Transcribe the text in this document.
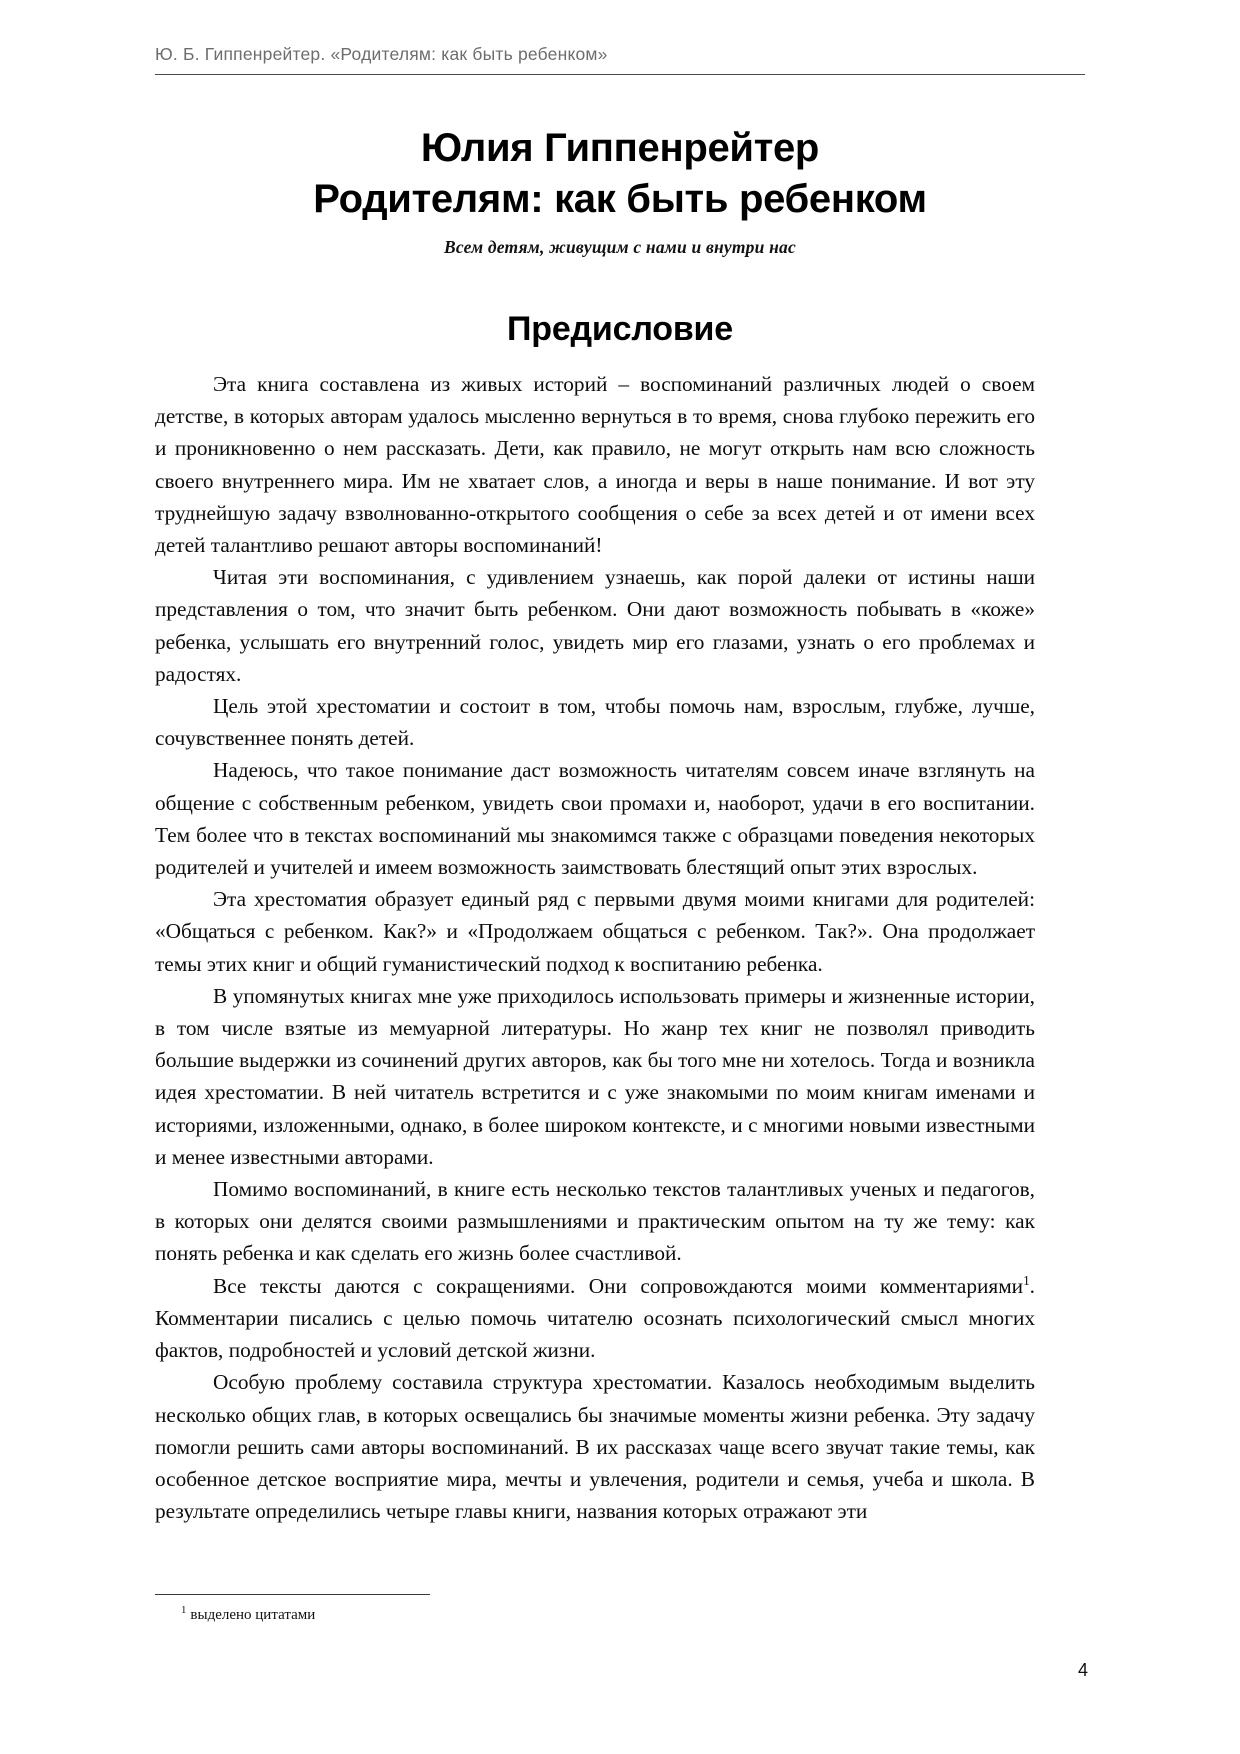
Ю. Б. Гиппенрейтер. «Родителям: как быть ребенком»
Юлия Гиппенрейтер
Родителям: как быть ребенком
Всем детям, живущим с нами и внутри нас
Предисловие

Эта книга составлена из живых историй – воспоминаний различных людей о своем детстве, в которых авторам удалось мысленно вернуться в то время, снова глубоко пережить его и проникновенно о нем рассказать. Дети, как правило, не могут открыть нам всю сложность своего внутреннего мира. Им не хватает слов, а иногда и веры в наше понимание. И вот эту труднейшую задачу взволнованно-открытого сообщения о себе за всех детей и от имени всех детей талантливо решают авторы воспоминаний!

Читая эти воспоминания, с удивлением узнаешь, как порой далеки от истины наши представления о том, что значит быть ребенком. Они дают возможность побывать в «коже» ребенка, услышать его внутренний голос, увидеть мир его глазами, узнать о его проблемах и радостях.

Цель этой хрестоматии и состоит в том, чтобы помочь нам, взрослым, глубже, лучше, сочувственнее понять детей.

Надеюсь, что такое понимание даст возможность читателям совсем иначе взглянуть на общение с собственным ребенком, увидеть свои промахи и, наоборот, удачи в его воспитании. Тем более что в текстах воспоминаний мы знакомимся также с образцами поведения некоторых родителей и учителей и имеем возможность заимствовать блестящий опыт этих взрослых.

Эта хрестоматия образует единый ряд с первыми двумя моими книгами для родителей: «Общаться с ребенком. Как?» и «Продолжаем общаться с ребенком. Так?». Она продолжает темы этих книг и общий гуманистический подход к воспитанию ребенка.

В упомянутых книгах мне уже приходилось использовать примеры и жизненные истории, в том числе взятые из мемуарной литературы. Но жанр тех книг не позволял приводить большие выдержки из сочинений других авторов, как бы того мне ни хотелось. Тогда и возникла идея хрестоматии. В ней читатель встретится и с уже знакомыми по моим книгам именами и историями, изложенными, однако, в более широком контексте, и с многими новыми известными и менее известными авторами.

Помимо воспоминаний, в книге есть несколько текстов талантливых ученых и педагогов, в которых они делятся своими размышлениями и практическим опытом на ту же тему: как понять ребенка и как сделать его жизнь более счастливой.

Все тексты даются с сокращениями. Они сопровождаются моими комментариями$^1$. Комментарии писались с целью помочь читателю осознать психологический смысл многих фактов, подробностей и условий детской жизни.

Особую проблему составила структура хрестоматии. Казалось необходимым выделить несколько общих глав, в которых освещались бы значимые моменты жизни ребенка. Эту задачу помогли решить сами авторы воспоминаний. В их рассказах чаще всего звучат такие темы, как особенное детское восприятие мира, мечты и увлечения, родители и семья, учеба и школа. В результате определились четыре главы книги, названия которых отражают эти

$^1$ выделено цитатами
4
